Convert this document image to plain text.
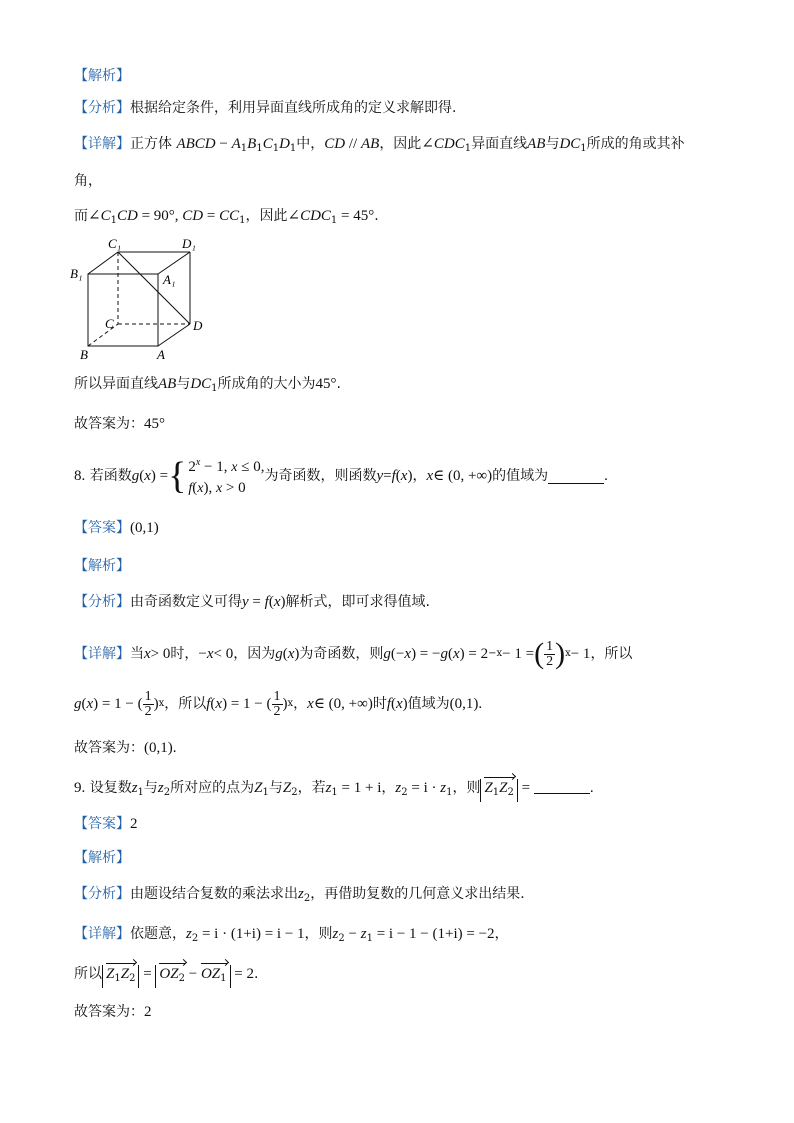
【解析】
【分析】根据给定条件，利用异面直线所成角的定义求解即得.
【详解】正方体 ABCD − $A_1B_1C_1D_1$中，CD // AB，因此$\angle CDC_1$异面直线AB与$DC_1$所成的角或其补
角，
而$\angle C_1CD = 90^\circ$, CD = $CC_1$，因此$\angle CDC_1 = 45^\circ$.
C₁	D₁
B₁	A₁
C	D
B	A
所以异面直线AB与$DC_1$所成角的大小为45°.
故答案为：45°
8.
若函数 g ( x ) = { $2^x - 1$, x ≤ 0,
f(x), x > 0
为奇函数，则函数 y = f ( x ) ， x ∈ (0, +∞) 的值域为	.
【答案】(0,1)
【解析】
【分析】由奇函数定义可得y = f(x)解析式，即可求得值域.
【详解】 当 x > 0 时， − x < 0 ，因为 g ( x ) 为奇函数，则 g (− x ) = − g ( x ) = 2 −x − 1 = ( $\frac{1}{2}$ ) x − 1 ，所以
g ( x ) = 1 − ( $\frac{1}{2}$ ) x ，所以 f ( x ) = 1 − ( $\frac{1}{2}$ ) x ， x ∈ (0, +∞) 时 f ( x ) 值域为 (0,1).
故答案为：(0,1).
9. 设复数$z_1$与$z_2$所对应的点为$Z_1$与$Z_2$，若$z_1 = 1 + i$，$z_2 = i \cdot z_1$，则 $Z_1Z_2$ =	.
【答案】2
【解析】
【分析】由题设结合复数的乘法求出$z_2$，再借助复数的几何意义求出结果.
【详解】依题意，$z_2 = i \cdot (1+i) = i - 1$，则$z_2 - z_1 = i - 1 - (1+i) = -2$，
所以 $Z_1Z_2 = OZ_2 - OZ_1 = 2$.
故答案为：2
